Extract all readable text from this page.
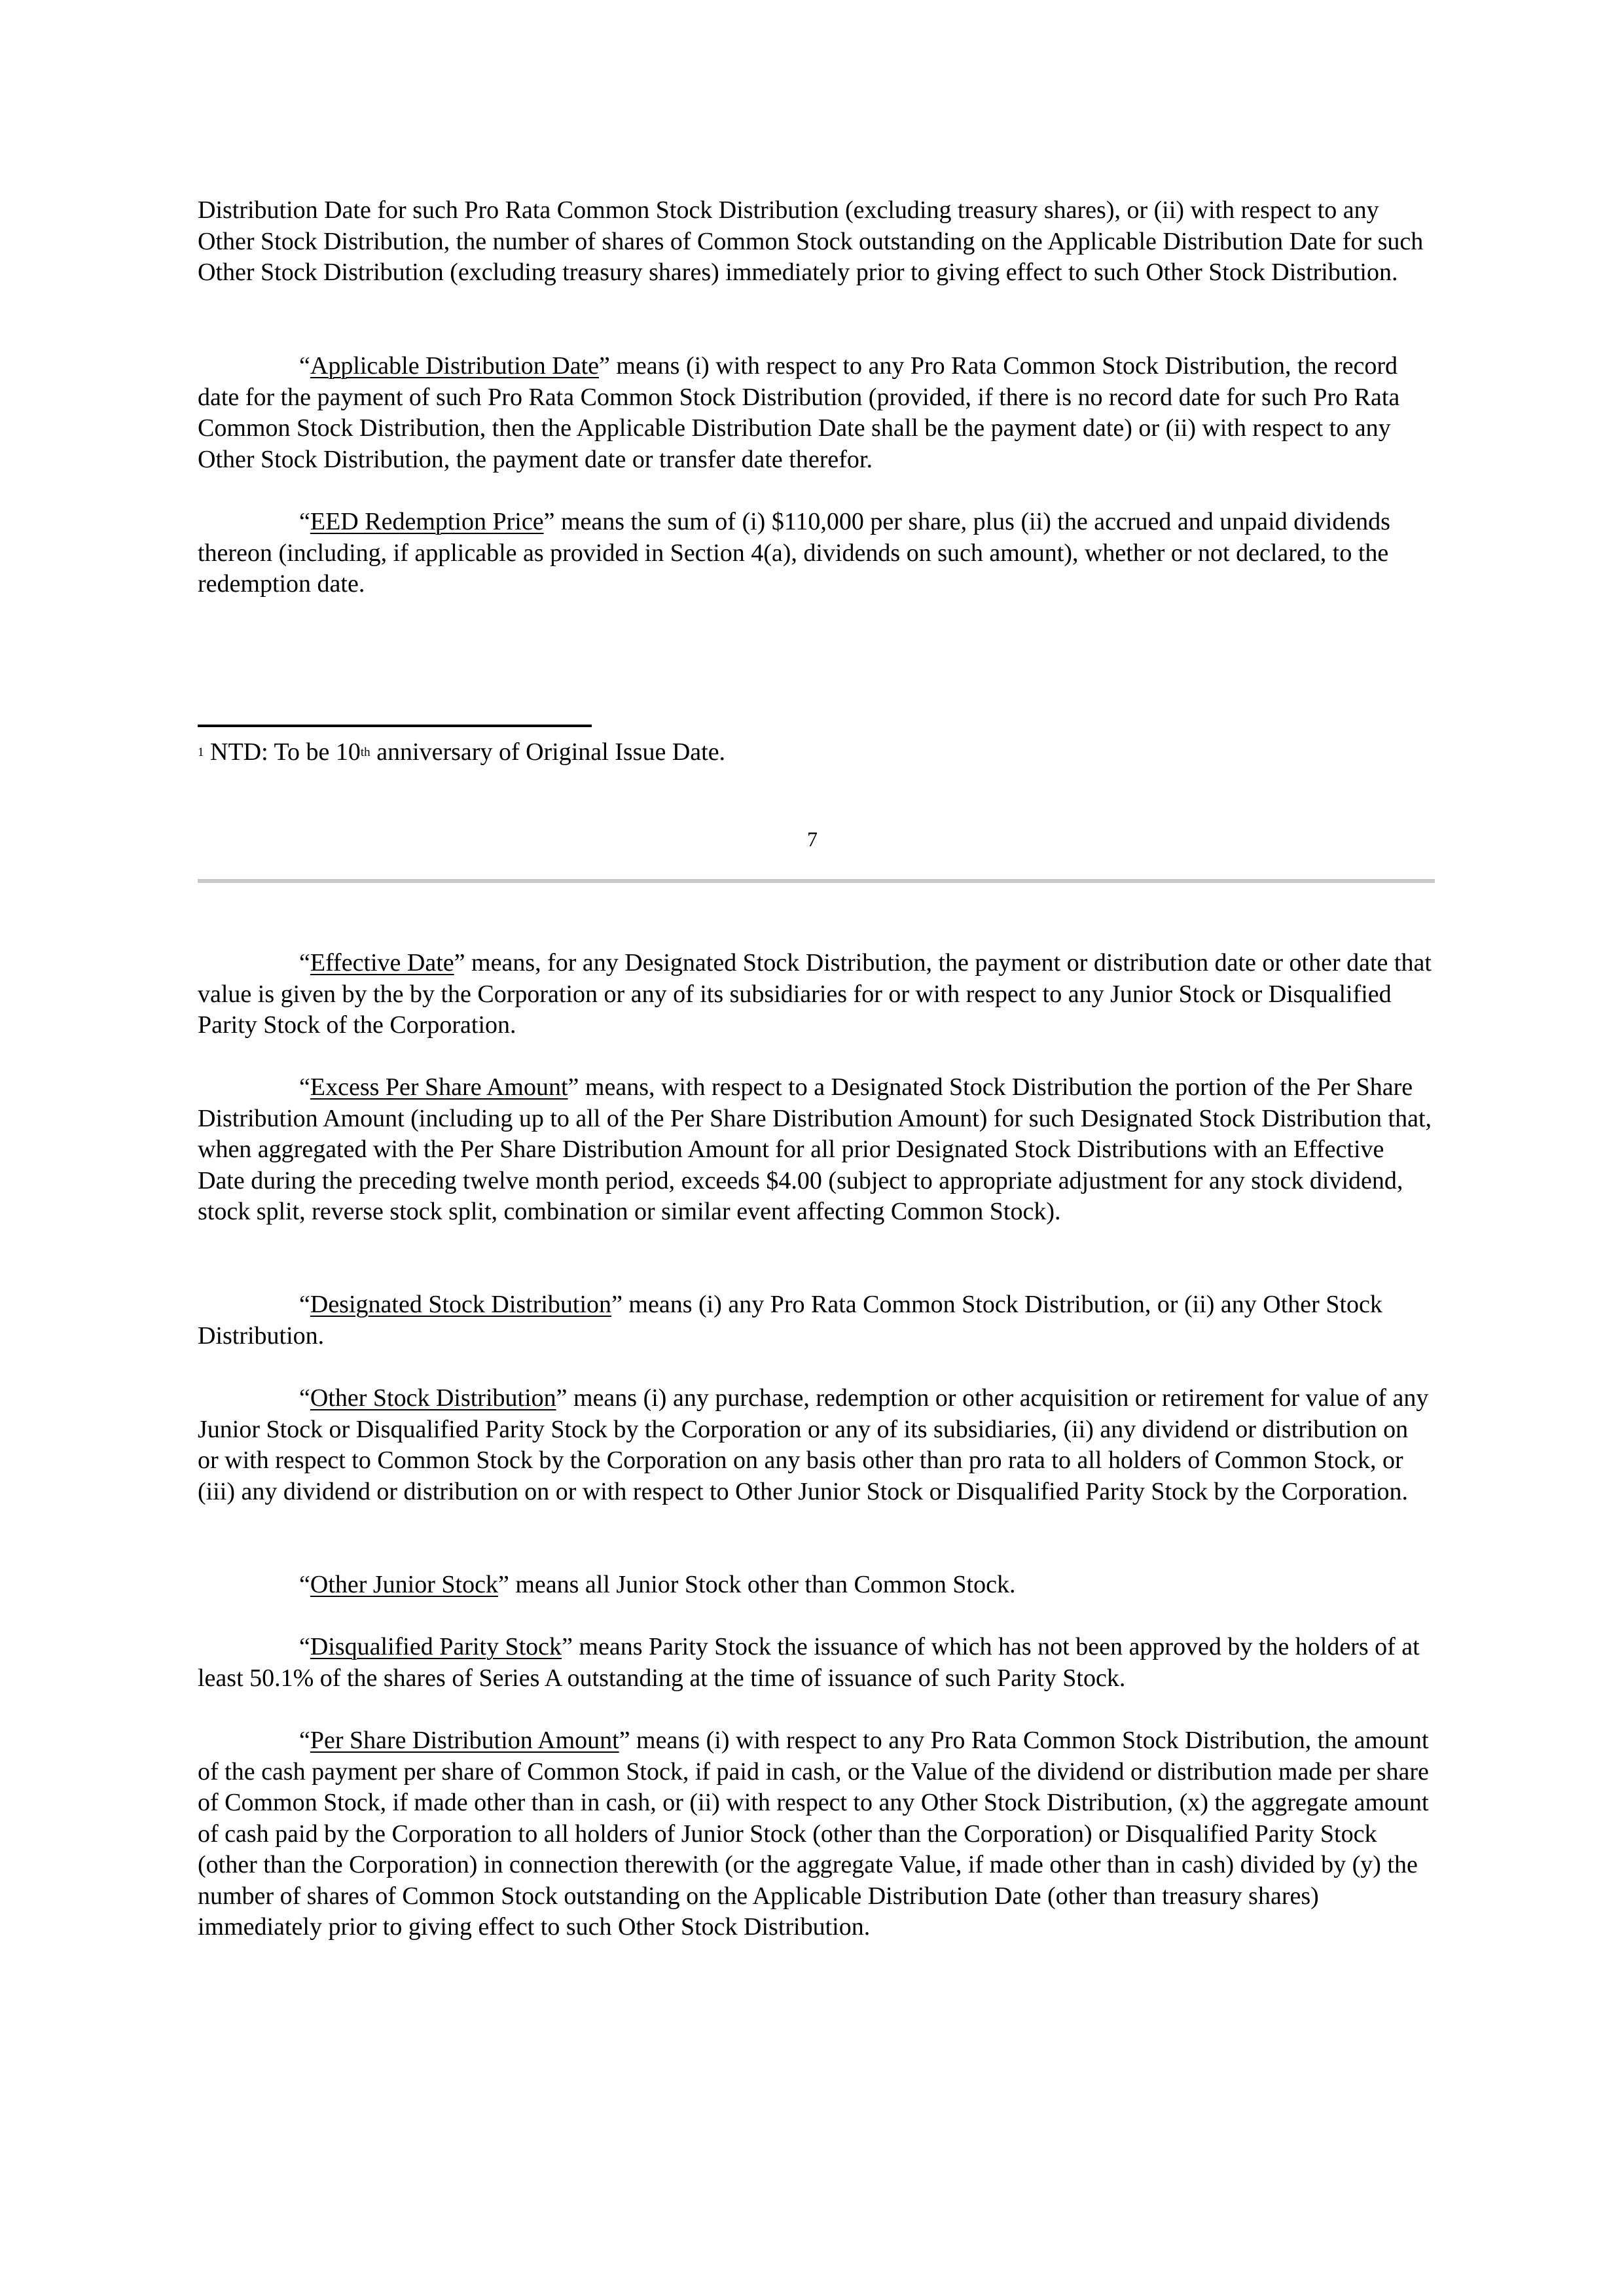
Distribution Date for such Pro Rata Common Stock Distribution (excluding treasury shares), or (ii) with respect to any Other Stock Distribution, the number of shares of Common Stock outstanding on the Applicable Distribution Date for such Other Stock Distribution (excluding treasury shares) immediately prior to giving effect to such Other Stock Distribution.

“Applicable Distribution Date” means (i) with respect to any Pro Rata Common Stock Distribution, the record date for the payment of such Pro Rata Common Stock Distribution (provided, if there is no record date for such Pro Rata Common Stock Distribution, then the Applicable Distribution Date shall be the payment date) or (ii) with respect to any Other Stock Distribution, the payment date or transfer date therefor.

“EED Redemption Price” means the sum of (i) $110,000 per share, plus (ii) the accrued and unpaid dividends thereon (including, if applicable as provided in Section 4(a), dividends on such amount), whether or not declared, to the redemption date.

$^1$ NTD: To be 10th anniversary of Original Issue Date.

7

“Effective Date” means, for any Designated Stock Distribution, the payment or distribution date or other date that value is given by the by the Corporation or any of its subsidiaries for or with respect to any Junior Stock or Disqualified Parity Stock of the Corporation.

“Excess Per Share Amount” means, with respect to a Designated Stock Distribution the portion of the Per Share Distribution Amount (including up to all of the Per Share Distribution Amount) for such Designated Stock Distribution that, when aggregated with the Per Share Distribution Amount for all prior Designated Stock Distributions with an Effective Date during the preceding twelve month period, exceeds $4.00 (subject to appropriate adjustment for any stock dividend, stock split, reverse stock split, combination or similar event affecting Common Stock).

“Designated Stock Distribution” means (i) any Pro Rata Common Stock Distribution, or (ii) any Other Stock Distribution.

“Other Stock Distribution” means (i) any purchase, redemption or other acquisition or retirement for value of any Junior Stock or Disqualified Parity Stock by the Corporation or any of its subsidiaries, (ii) any dividend or distribution on or with respect to Common Stock by the Corporation on any basis other than pro rata to all holders of Common Stock, or (iii) any dividend or distribution on or with respect to Other Junior Stock or Disqualified Parity Stock by the Corporation.

“Other Junior Stock” means all Junior Stock other than Common Stock.

“Disqualified Parity Stock” means Parity Stock the issuance of which has not been approved by the holders of at least 50.1% of the shares of Series A outstanding at the time of issuance of such Parity Stock.

“Per Share Distribution Amount” means (i) with respect to any Pro Rata Common Stock Distribution, the amount of the cash payment per share of Common Stock, if paid in cash, or the Value of the dividend or distribution made per share of Common Stock, if made other than in cash, or (ii) with respect to any Other Stock Distribution, (x) the aggregate amount of cash paid by the Corporation to all holders of Junior Stock (other than the Corporation) or Disqualified Parity Stock (other than the Corporation) in connection therewith (or the aggregate Value, if made other than in cash) divided by (y) the number of shares of Common Stock outstanding on the Applicable Distribution Date (other than treasury shares) immediately prior to giving effect to such Other Stock Distribution.
